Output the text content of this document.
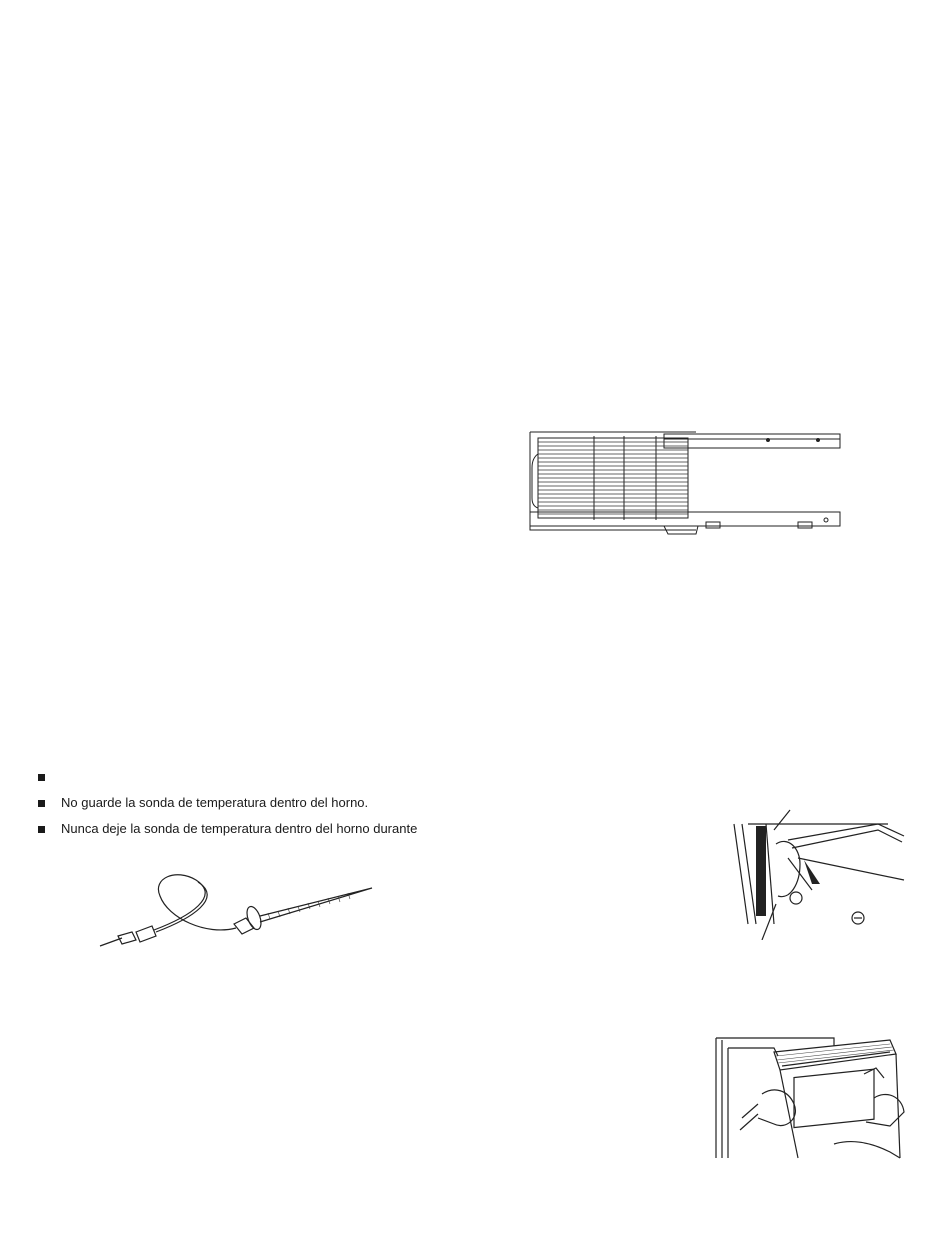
No guarde la sonda de temperatura dentro del horno.
Nunca deje la sonda de temperatura dentro del horno durante
